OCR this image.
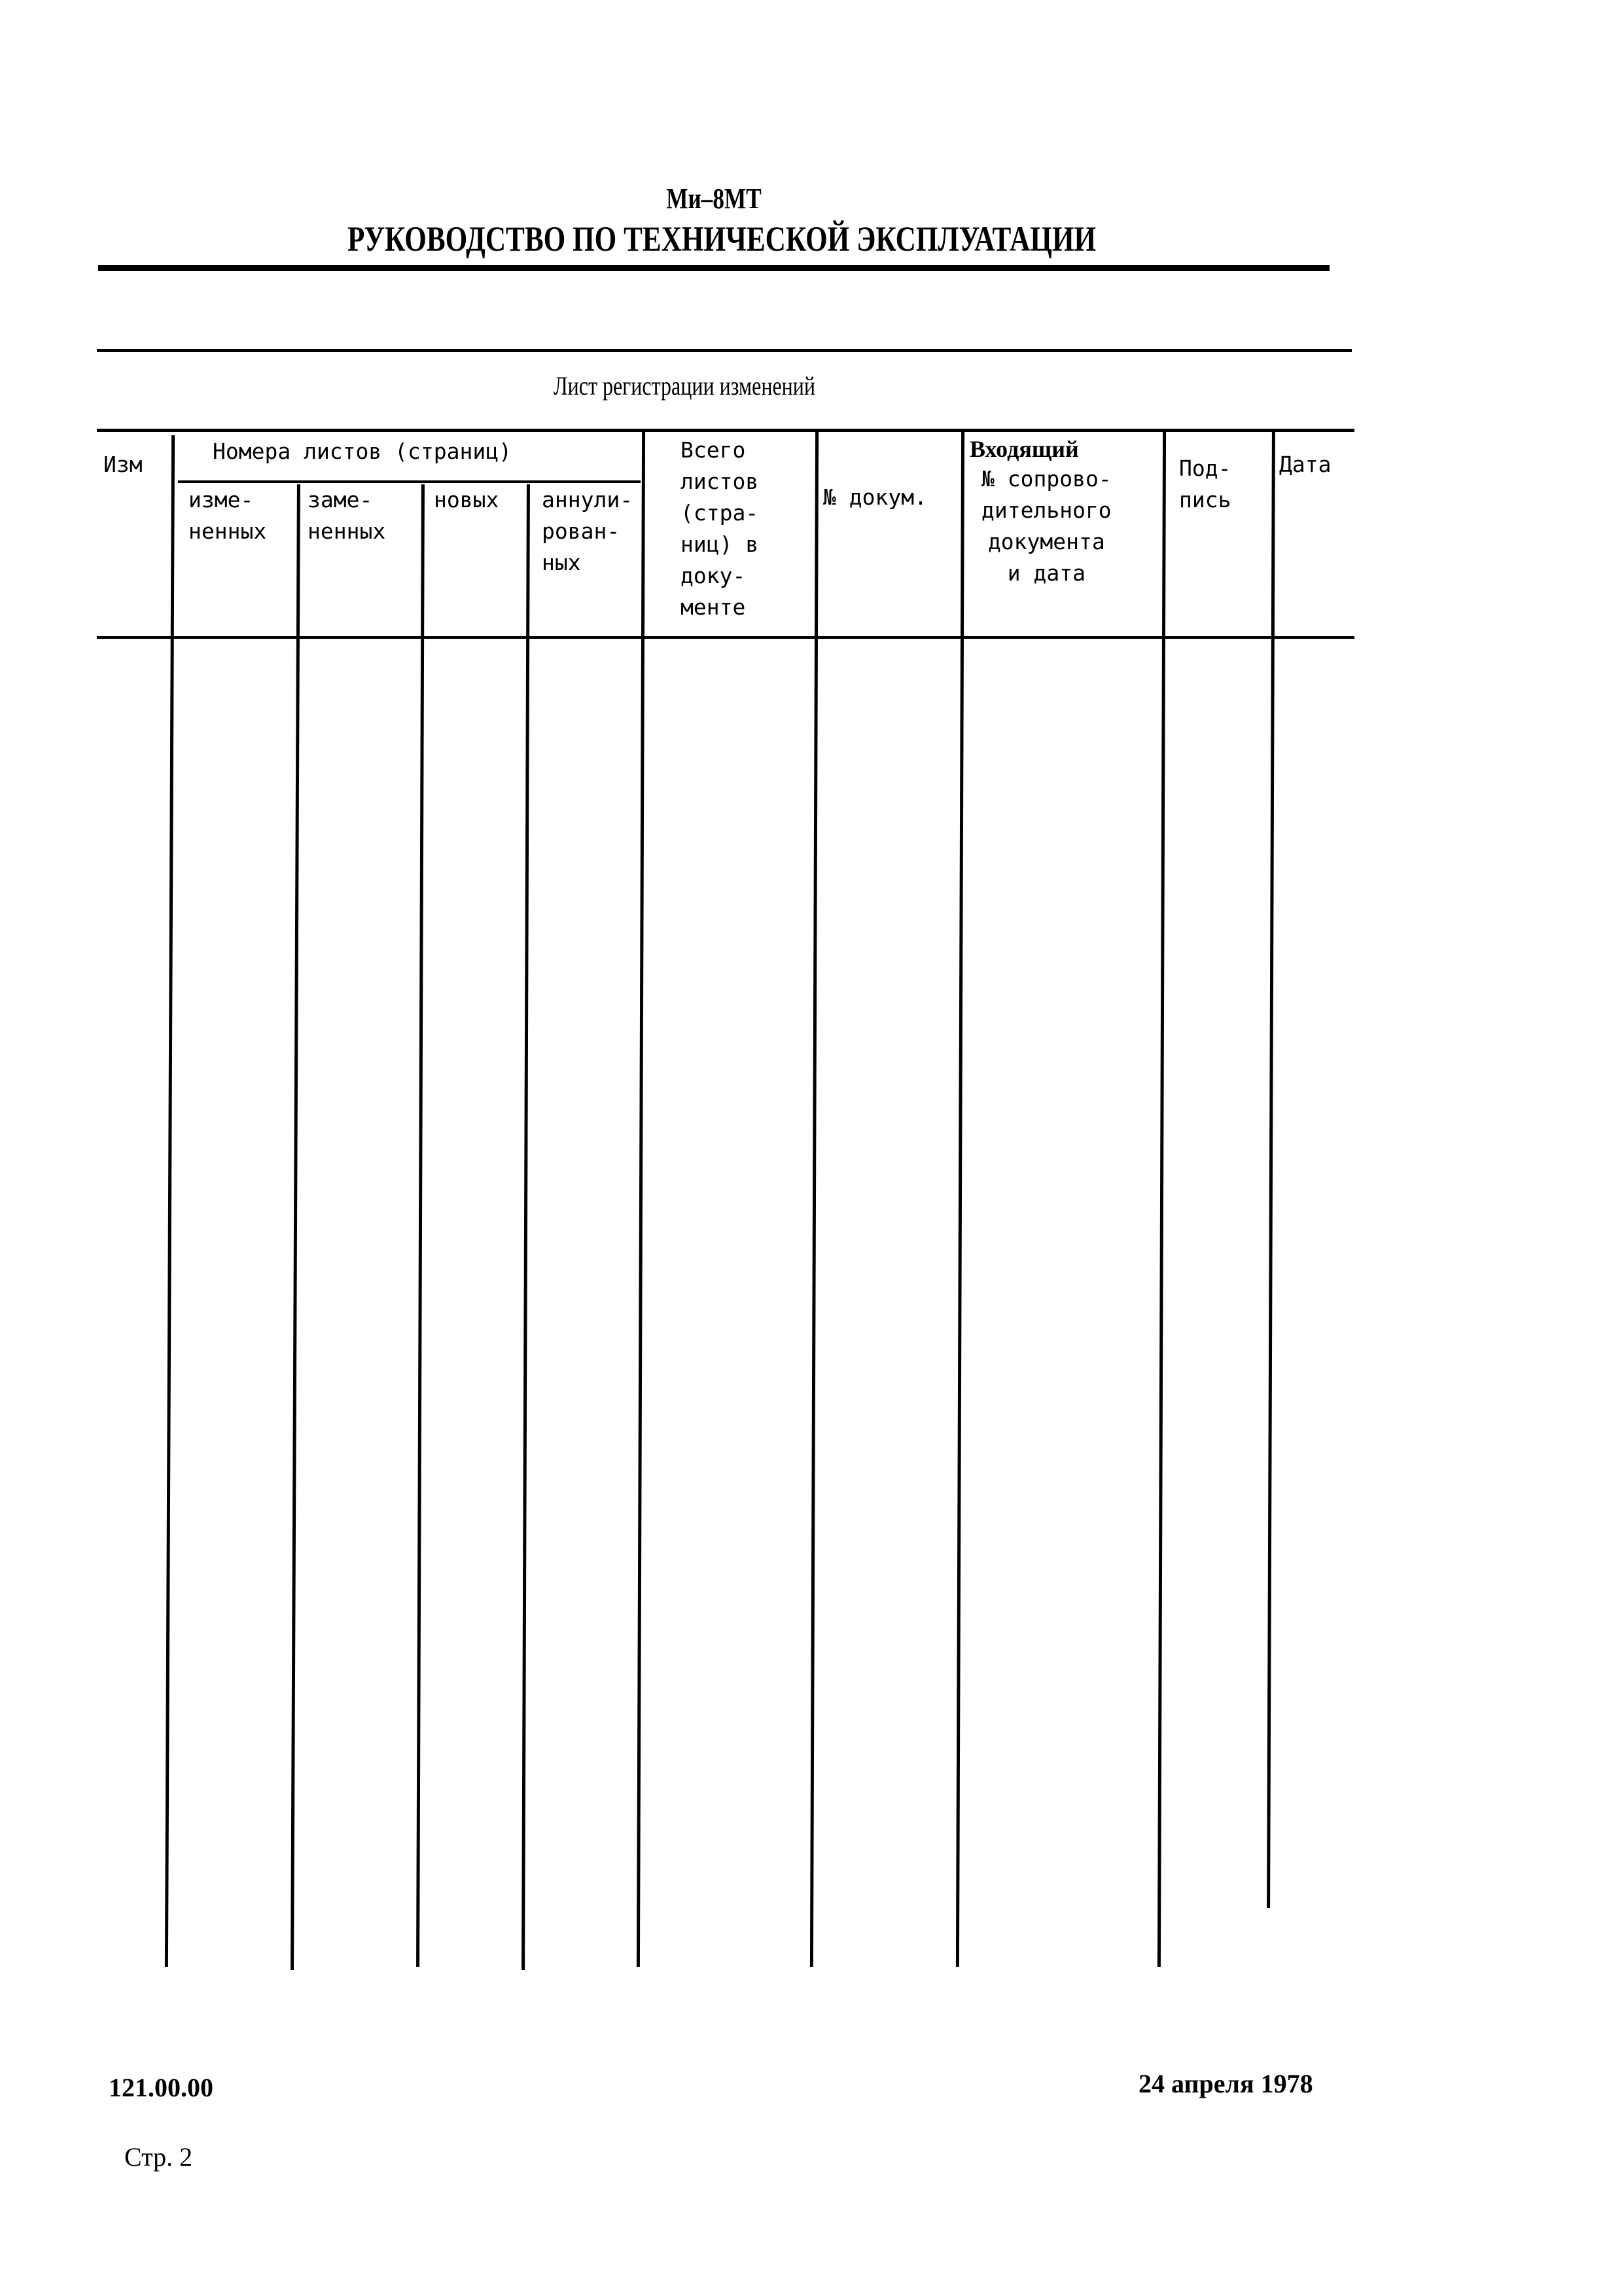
Ми–8МТ
РУКОВОДСТВО ПО ТЕХНИЧЕСКОЙ ЭКСПЛУАТАЦИИ
Лист регистрации изменений
Изм
Номера листов (страниц)
изме-
ненных
заме-
ненных
новых аннули-
рован-
ных
Всего
листов
(стра-
ниц) в
доку-
менте
№ докум.
Входящий
№ сопрово-
дительного
документа
и дата
Под-
пись
Дата
121.00.00	24 апреля 1978
Стр. 2
